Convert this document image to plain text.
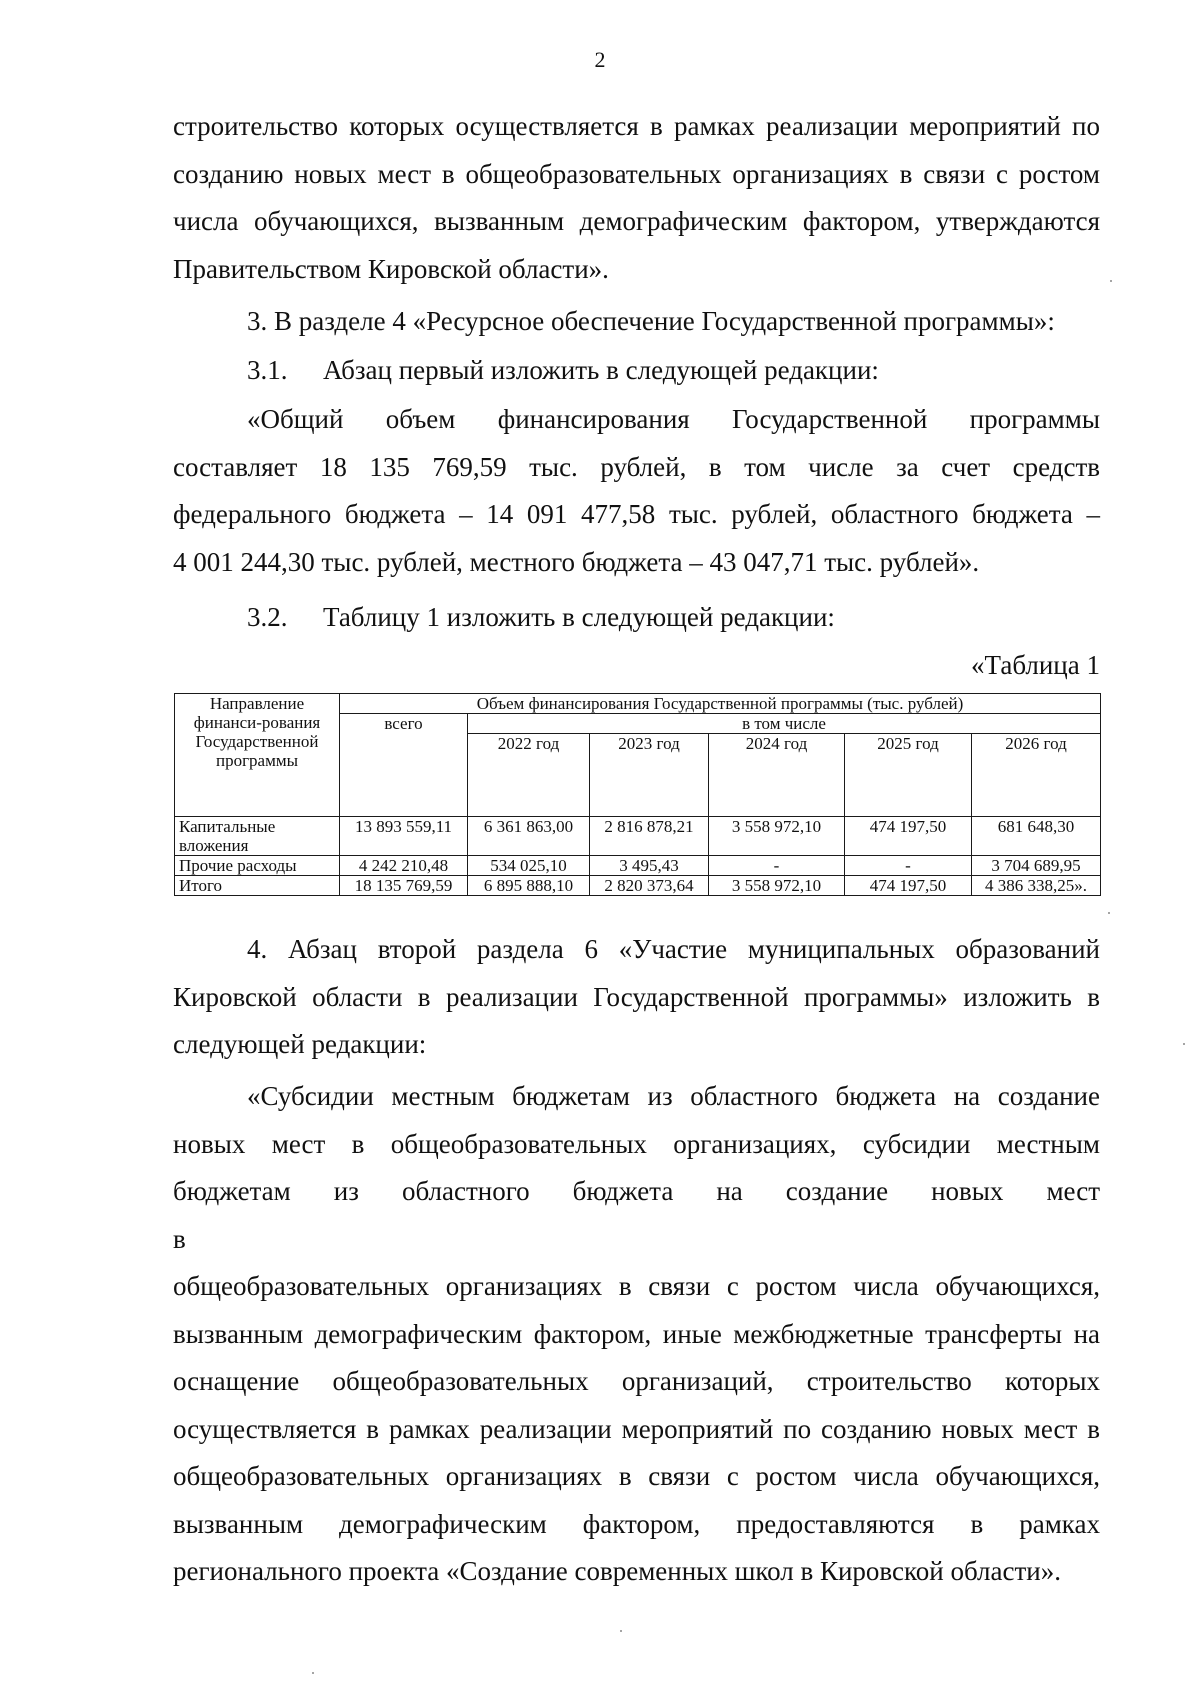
2

строительство которых осуществляется в рамках реализации мероприятий по

созданию новых мест в общеобразовательных организациях в связи с ростом

числа обучающихся, вызванным демографическим фактором, утверждаются

Правительством Кировской области».

3. В разделе 4 «Ресурсное обеспечение Государственной программы»:

3.1.	Абзац первый изложить в следующей редакции:
«Общий объем финансирования Государственной программы

составляет 18 135 769,59 тыс. рублей, в том числе за счет средств

федерального бюджета – 14 091 477,58 тыс. рублей, областного бюджета –

4 001 244,30 тыс. рублей, местного бюджета – 43 047,71 тыс. рублей».

3.2.	Таблицу 1 изложить в следующей редакции:
«Таблица 1
Направление финанси-рования Государственной программы	Объем финансирования Государственной программы (тыс. рублей)					
	всего	в том числе				
		2022 год	2023 год	2024 год	2025 год	2026 год
Капитальные вложения	13 893 559,11	6 361 863,00	2 816 878,21	3 558 972,10	474 197,50	681 648,30
Прочие расходы	4 242 210,48	534 025,10	3 495,43	-	-	3 704 689,95
Итого	18 135 769,59	6 895 888,10	2 820 373,64	3 558 972,10	474 197,50	4 386 338,25».

4. Абзац второй раздела 6 «Участие муниципальных образований

Кировской области в реализации Государственной программы» изложить в

следующей редакции:

«Субсидии местным бюджетам из областного бюджета на создание

новых мест в общеобразовательных организациях, субсидии местным

бюджетам из областного бюджета на создание новых мест в

общеобразовательных организациях в связи с ростом числа обучающихся,

вызванным демографическим фактором, иные межбюджетные трансферты на

оснащение общеобразовательных организаций, строительство которых

осуществляется в рамках реализации мероприятий по созданию новых мест в

общеобразовательных организациях в связи с ростом числа обучающихся,

вызванным демографическим фактором, предоставляются в рамках

регионального проекта «Создание современных школ в Кировской области».
